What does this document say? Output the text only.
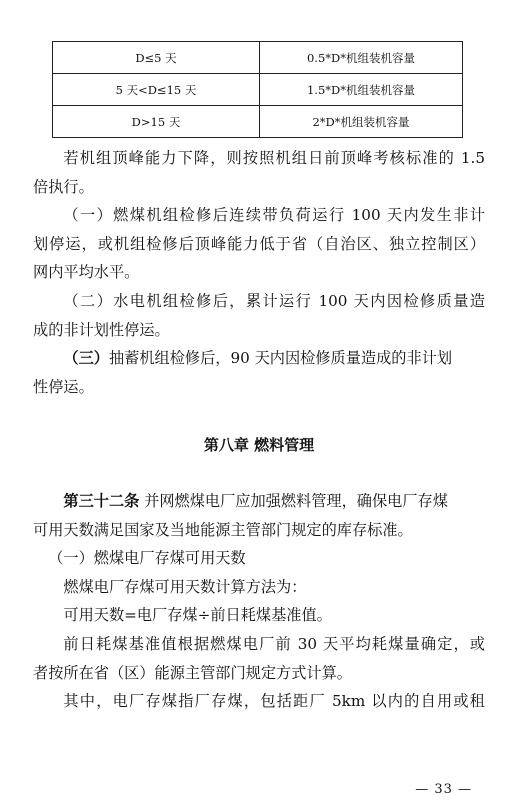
D≤5 天	0.5*D*机组装机容量
5 天<D≤15 天	1.5*D*机组装机容量
D>15 天	2*D*机组装机容量

若机组顶峰能力下降，则按照机组日前顶峰考核标准的 1.5

倍执行。

（一）燃煤机组检修后连续带负荷运行 100 天内发生非计

划停运，或机组检修后顶峰能力低于省（自治区、独立控制区）

网内平均水平。

（二）水电机组检修后，累计运行 100 天内因检修质量造

成的非计划性停运。

（三）抽蓄机组检修后，90 天内因检修质量造成的非计划

性停运。

第八章 燃料管理

第三十二条 并网燃煤电厂应加强燃料管理，确保电厂存煤

可用天数满足国家及当地能源主管部门规定的库存标准。

（一）燃煤电厂存煤可用天数

燃煤电厂存煤可用天数计算方法为：

可用天数=电厂存煤÷前日耗煤基准值。

前日耗煤基准值根据燃煤电厂前 30 天平均耗煤量确定，或

者按所在省（区）能源主管部门规定方式计算。

其中，电厂存煤指厂存煤，包括距厂 5km 以内的自用或租

— 33 —
